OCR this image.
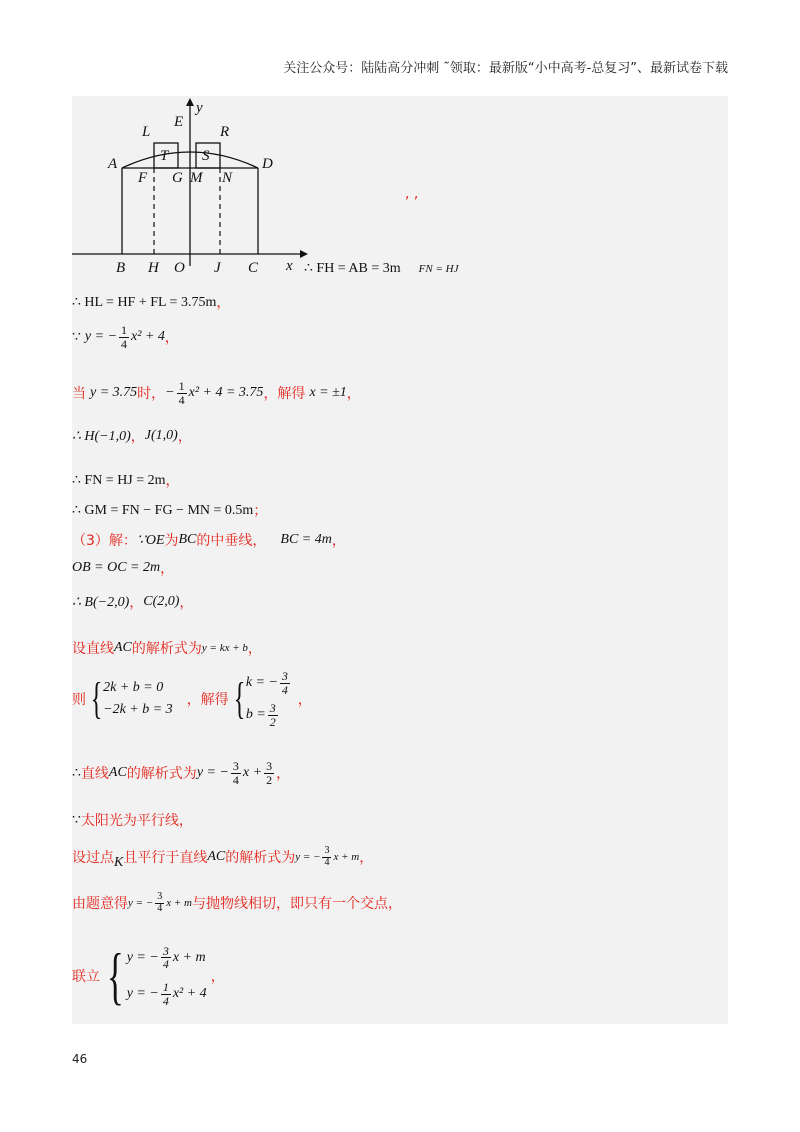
关注公众号：陆陆高分冲刺 ˜领取：最新版“小中高考-总复习”、最新试卷下载
y
E
L	R
A	D
T S
F G M N
x
B H O J C
, ,
∴ FH = AB = 3m FN = HJ
∴ HL = HF + FL = 3.75m ，
∵ y = − $\frac{1}{4} x^2 + 4$ ，
当 y = 3.75 时， − $\frac{1}{4} x^2 + 4 = 3.75$ ，解得 x = ±1 ，
∴ H(−1,0) ， J(1,0) ，
∴ FN = HJ = 2m ，
∴ GM = FN − FG − MN = 0.5m ；
（3）解： ∵OE 为 BC 的中垂线， BC = 4m ，
OB = OC = 2m ，
∴ B(−2,0) ， C(2,0) ，
设直线 AC 的解析式为 y = kx + b ，
则 { 2k + b = 0
−2k + b = 3
，解得 { k = − $\frac{3}{4}$
$b = \frac{3}{2}$
，
∴ 直线 AC 的解析式为 y = − $\frac{3}{4}$ $x + \frac{3}{2}$ ，
∵ 太阳光为平行线，
设过点 K 且平行于直线 AC 的解析式为 y = − $\frac{3}{4}$ x + m ，
由题意得 y = − $\frac{3}{4}$ x + m 与抛物线相切，即只有一个交点，
联立 { y = − $\frac{3}{4}$ x + m
y = − $\frac{1}{4} x^2 + 4$
，
46
